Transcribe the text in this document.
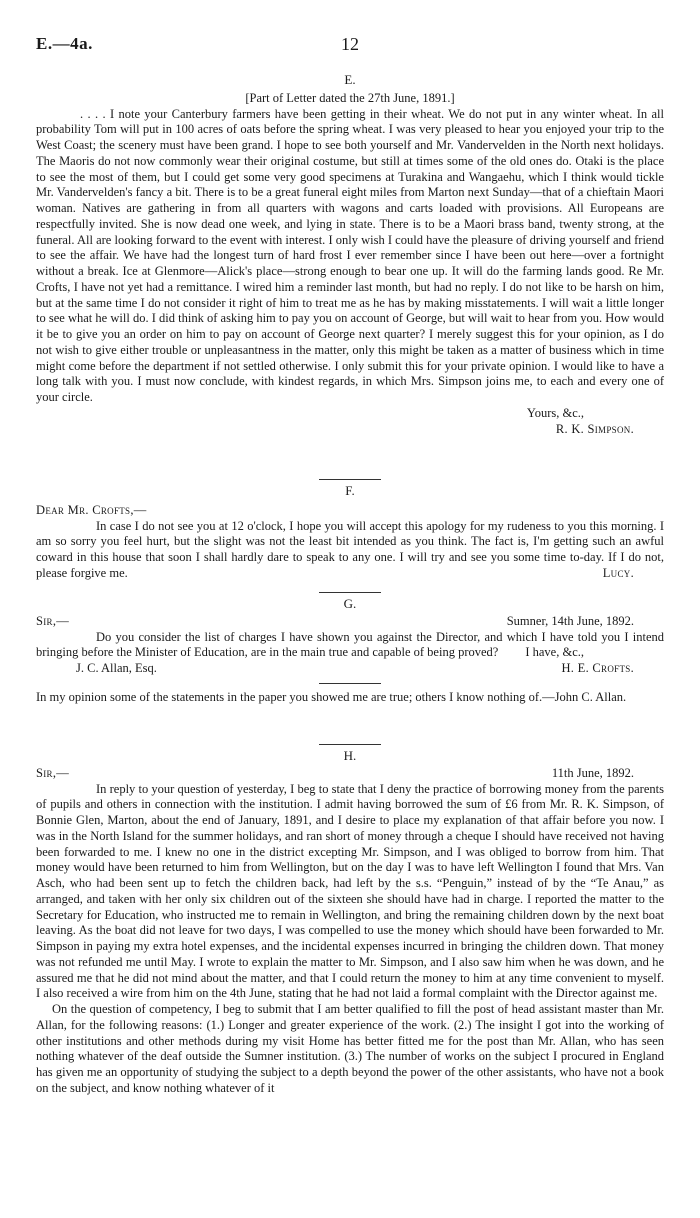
E.—4a.	12
E.
[Part of Letter dated the 27th June, 1891.]

. . . . I note your Canterbury farmers have been getting in their wheat. We do not put in any winter wheat. In all probability Tom will put in 100 acres of oats before the spring wheat. I was very pleased to hear you enjoyed your trip to the West Coast; the scenery must have been grand. I hope to see both yourself and Mr. Vandervelden in the North next holidays. The Maoris do not now commonly wear their original costume, but still at times some of the old ones do. Otaki is the place to see the most of them, but I could get some very good specimens at Turakina and Wangaehu, which I think would tickle Mr. Vandervelden's fancy a bit. There is to be a great funeral eight miles from Marton next Sunday—that of a chieftain Maori woman. Natives are gathering in from all quarters with wagons and carts loaded with provisions. All Europeans are respectfully invited. She is now dead one week, and lying in state. There is to be a Maori brass band, twenty strong, at the funeral. All are looking forward to the event with interest. I only wish I could have the pleasure of driving yourself and friend to see the affair. We have had the longest turn of hard frost I ever remember since I have been out here—over a fortnight without a break. Ice at Glenmore—Alick's place—strong enough to bear one up. It will do the farming lands good. Re Mr. Crofts, I have not yet had a remittance. I wired him a reminder last month, but had no reply. I do not like to be harsh on him, but at the same time I do not consider it right of him to treat me as he has by making misstatements. I will wait a little longer to see what he will do. I did think of asking him to pay you on account of George, but will wait to hear from you. How would it be to give you an order on him to pay on account of George next quarter? I merely suggest this for your opinion, as I do not wish to give either trouble or unpleasantness in the matter, only this might be taken as a matter of business which in time might come before the department if not settled otherwise. I only submit this for your private opinion. I would like to have a long talk with you. I must now conclude, with kindest regards, in which Mrs. Simpson joins me, to each and every one of your circle.

Yours, &c.,
R. K. Simpson.
F.
Dear Mr. Crofts,—

In case I do not see you at 12 o'clock, I hope you will accept this apology for my rudeness to you this morning. I am so sorry you feel hurt, but the slight was not the least bit intended as you think. The fact is, I'm getting such an awful coward in this house that soon I shall hardly dare to speak to any one. I will try and see you some time to-day. If I do not, please forgive me.	Lucy.
G.
Sir,—	Sumner, 14th June, 1892.

Do you consider the list of charges I have shown you against the Director, and which I have told you I intend bringing before the Minister of Education, are in the main true and capable of being proved?	I have, &c.,
J. C. Allan, Esq.	H. E. Crofts.

In my opinion some of the statements in the paper you showed me are true; others I know nothing of.—John C. Allan.

H.
Sir,—	11th June, 1892.

In reply to your question of yesterday, I beg to state that I deny the practice of borrowing money from the parents of pupils and others in connection with the institution. I admit having borrowed the sum of £6 from Mr. R. K. Simpson, of Bonnie Glen, Marton, about the end of January, 1891, and I desire to place my explanation of that affair before you now. I was in the North Island for the summer holidays, and ran short of money through a cheque I should have received not having been forwarded to me. I knew no one in the district excepting Mr. Simpson, and I was obliged to borrow from him. That money would have been returned to him from Wellington, but on the day I was to have left Wellington I found that Mrs. Van Asch, who had been sent up to fetch the children back, had left by the s.s. “Penguin,” instead of by the “Te Anau,” as arranged, and taken with her only six children out of the sixteen she should have had in charge. I reported the matter to the Secretary for Education, who instructed me to remain in Wellington, and bring the remaining children down by the next boat leaving. As the boat did not leave for two days, I was compelled to use the money which should have been forwarded to Mr. Simpson in paying my extra hotel expenses, and the incidental expenses incurred in bringing the children down. That money was not refunded me until May. I wrote to explain the matter to Mr. Simpson, and I also saw him when he was down, and he assured me that he did not mind about the matter, and that I could return the money to him at any time convenient to myself. I also received a wire from him on the 4th June, stating that he had not laid a formal complaint with the Director against me.

On the question of competency, I beg to submit that I am better qualified to fill the post of head assistant master than Mr. Allan, for the following reasons: (1.) Longer and greater experience of the work. (2.) The insight I got into the working of other institutions and other methods during my visit Home has better fitted me for the post than Mr. Allan, who has seen nothing whatever of the deaf outside the Sumner institution. (3.) The number of works on the subject I procured in England has given me an opportunity of studying the subject to a depth beyond the power of the other assistants, who have not a book on the subject, and know nothing whatever of it
